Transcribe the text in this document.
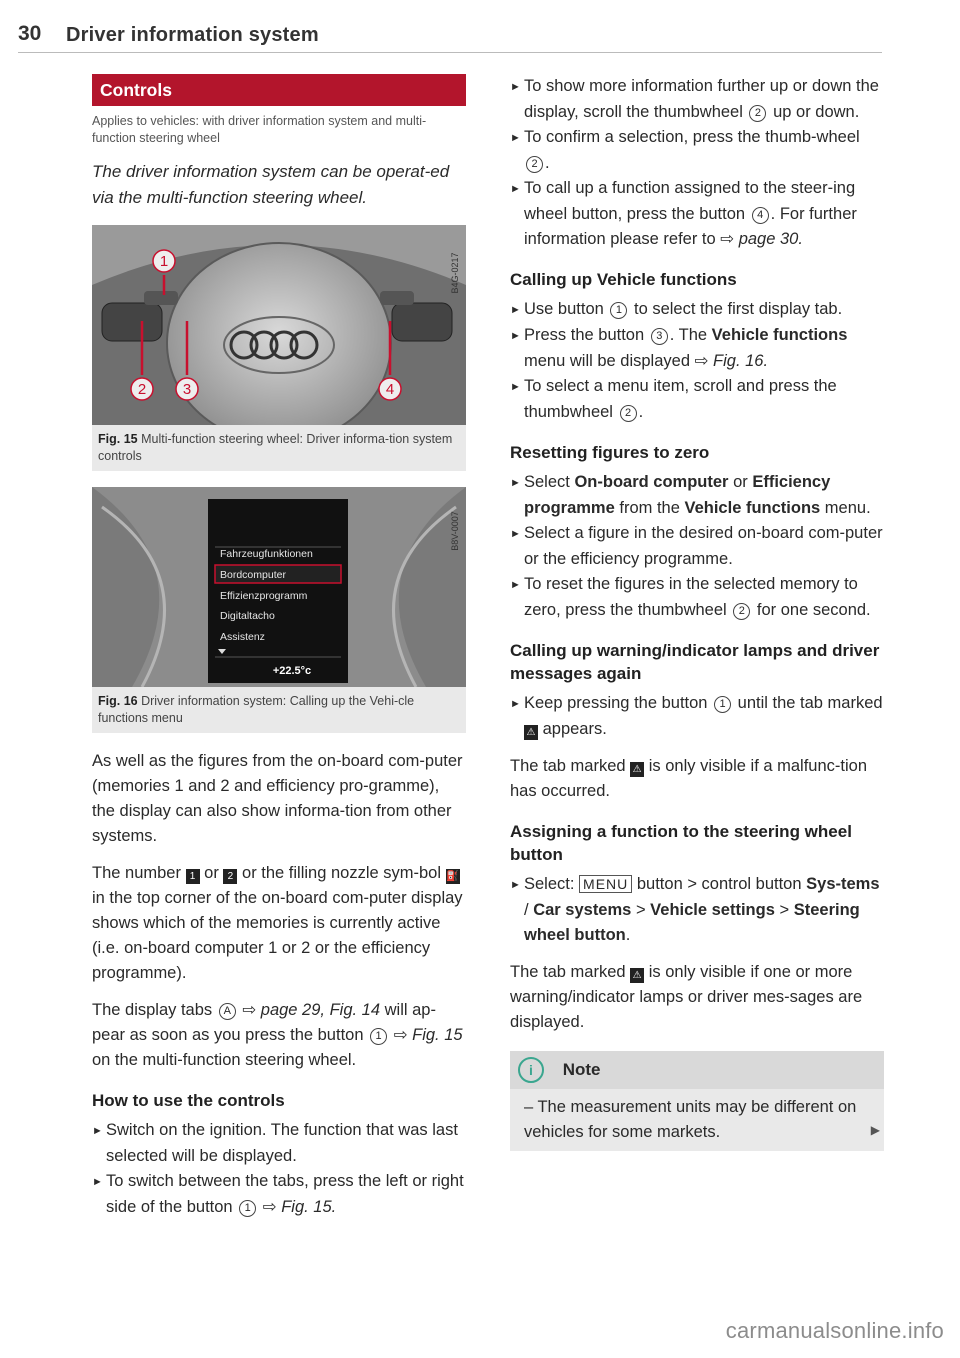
30 Driver information system
Controls
Applies to vehicles: with driver information system and multi-function steering wheel
The driver information system can be operat-ed via the multi-function steering wheel.
1
2 3	4
B4G-0217
Fig. 15 Multi-function steering wheel: Driver informa-tion system controls
Fahrzeugfunktionen
Bordcomputer
Effizienzprogramm
Digitaltacho
Assistenz
+22.5°c
B8V-0007
Fig. 16 Driver information system: Calling up the Vehi-cle functions menu

As well as the figures from the on-board com-puter (memories 1 and 2 and efficiency pro-gramme), the display can also show informa-tion from other systems.

The number 1 or 2 or the filling nozzle sym-bol ⛽ in the top corner of the on-board com-puter display shows which of the memories is currently active (i.e. on-board computer 1 or 2 or the efficiency programme).

The display tabs A ⇨ page 29, Fig. 14 will ap-pear as soon as you press the button 1 ⇨ Fig. 15 on the multi-function steering wheel.

How to use the controls

► Switch on the ignition. The function that was last selected will be displayed.

► To switch between the tabs, press the left or right side of the button 1 ⇨ Fig. 15.

► To show more information further up or down the display, scroll the thumbwheel 2 up or down.

► To confirm a selection, press the thumb-wheel 2 .

► To call up a function assigned to the steer-ing wheel button, press the button 4 . For further information please refer to ⇨ page 30.

Calling up Vehicle functions

► Use button 1 to select the first display tab.

► Press the button 3 . The Vehicle functions menu will be displayed ⇨ Fig. 16.

► To select a menu item, scroll and press the thumbwheel 2 .

Resetting figures to zero

► Select On-board computer or Efficiency programme from the Vehicle functions menu.

► Select a figure in the desired on-board com-puter or the efficiency programme.

► To reset the figures in the selected memory to zero, press the thumbwheel 2 for one second.

Calling up warning/indicator lamps and driver messages again

► Keep pressing the button 1 until the tab marked ⚠ appears.

The tab marked ⚠ is only visible if a malfunc-tion has occurred.

Assigning a function to the steering wheel button

► Select: MENU button > control button Sys-tems / Car systems > Vehicle settings > Steering wheel button.

The tab marked ⚠ is only visible if one or more warning/indicator lamps or driver mes-sages are displayed.

i Note
– The measurement units may be different on vehicles for some markets.	▶
carmanualsonline.info
